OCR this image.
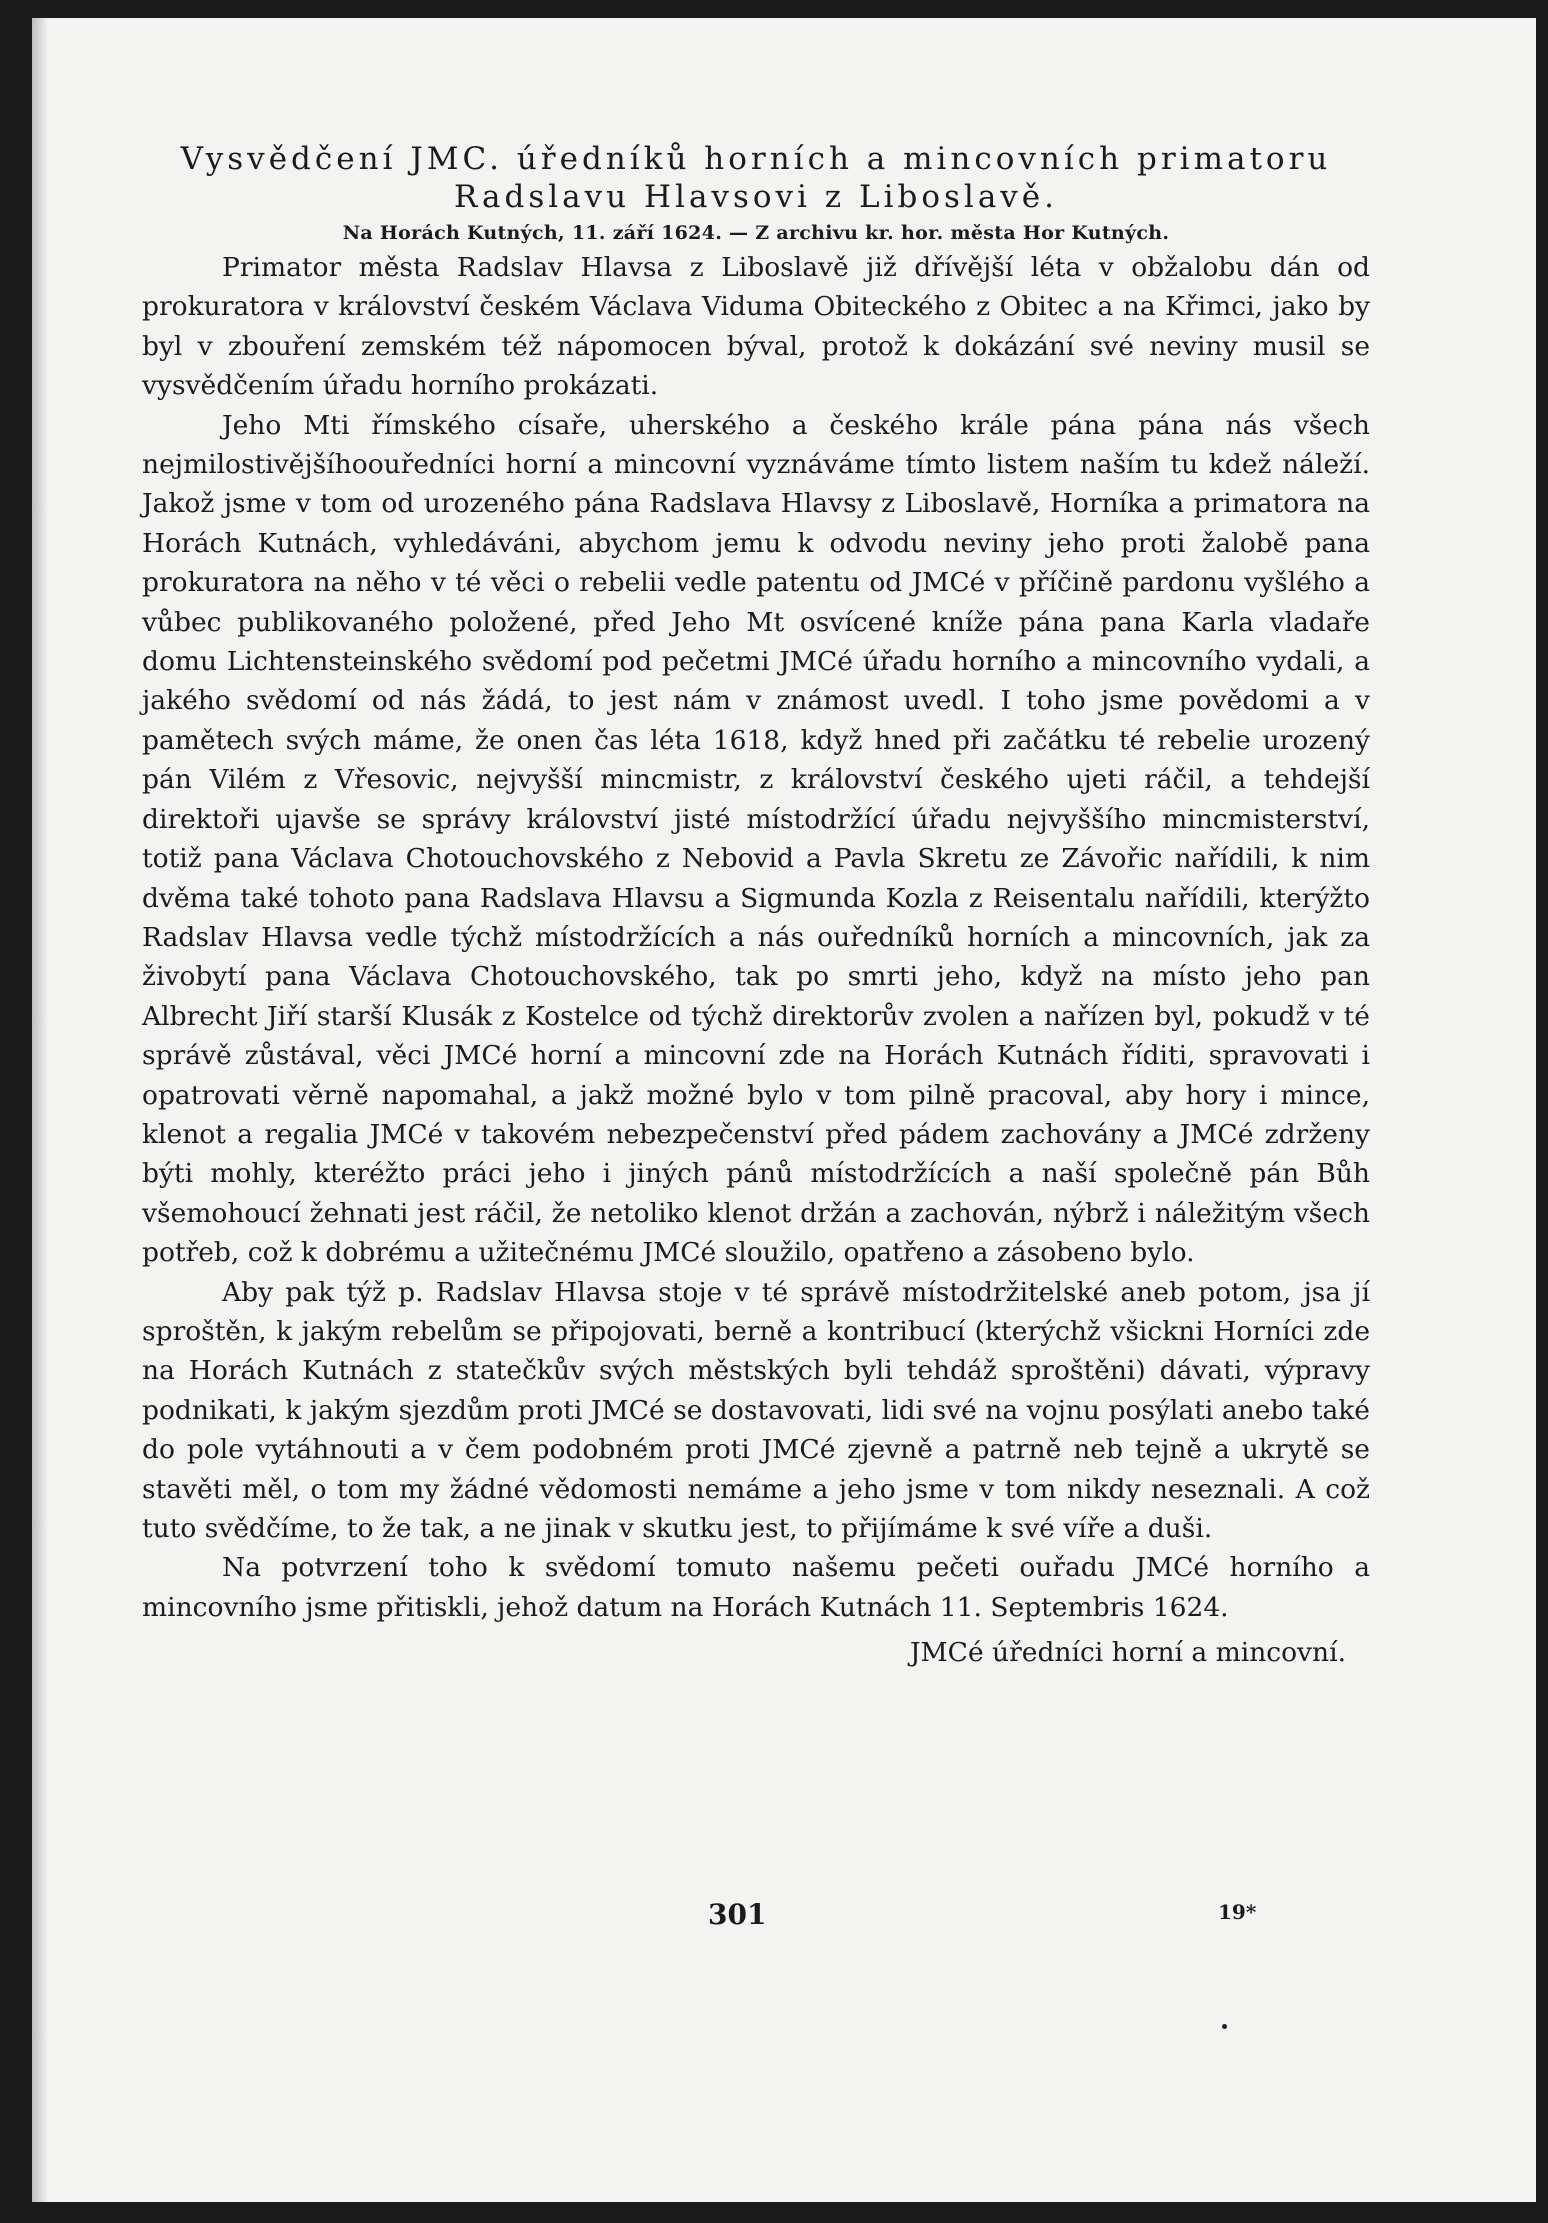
Vysvědčení JMC. úředníků horních a mincovních primatoru Radslavu Hlavsovi z Liboslavě.

Na Horách Kutných, 11. září 1624. — Z archivu kr. hor. města Hor Kutných.

Primator města Radslav Hlavsa z Liboslavě již dřívější léta v obžalobu dán od prokuratora v království českém Václava Viduma Obiteckého z Obitec a na Křimci, jako by byl v zbouření zemském též nápomocen býval, protož k dokázání své neviny musil se vysvědčením úřadu horního prokázati.

Jeho Mti římského císaře, uherského a českého krále pána pána nás všech nejmilostivějšíhoouředníci horní a mincovní vyznáváme tímto listem naším tu kdež náleží. Jakož jsme v tom od urozeného pána Radslava Hlavsy z Liboslavě, Horníka a primatora na Horách Kutnách, vyhledáváni, abychom jemu k odvodu neviny jeho proti žalobě pana prokuratora na něho v té věci o rebelii vedle patentu od JMCé v příčině pardonu vyšlého a vůbec publikovaného položené, před Jeho Mt osvícené kníže pána pana Karla vladaře domu Lichtensteinského svědomí pod pečetmi JMCé úřadu horního a mincovního vydali, a jakého svědomí od nás žádá, to jest nám v známost uvedl. I toho jsme povědomi a v pamětech svých máme, že onen čas léta 1618, když hned při začátku té rebelie urozený pán Vilém z Vřesovic, nejvyšší mincmistr, z království českého ujeti ráčil, a tehdejší direktoři ujavše se správy království jisté místodržící úřadu nejvyššího mincmisterství, totiž pana Václava Chotouchovského z Nebovid a Pavla Skretu ze Závořic nařídili, k nim dvěma také tohoto pana Radslava Hlavsu a Sigmunda Kozla z Reisentalu nařídili, kterýžto Radslav Hlavsa vedle týchž místodržících a nás ouředníků horních a mincovních, jak za živobytí pana Václava Chotouchovského, tak po smrti jeho, když na místo jeho pan Albrecht Jiří starší Klusák z Kostelce od týchž direktorův zvolen a nařízen byl, pokudž v té správě zůstával, věci JMCé horní a mincovní zde na Horách Kutnách říditi, spravovati i opatrovati věrně napomahal, a jakž možné bylo v tom pilně pracoval, aby hory i mince, klenot a regalia JMCé v takovém nebezpečenství před pádem zachovány a JMCé zdrženy býti mohly, kteréžto práci jeho i jiných pánů místodržících a naší společně pán Bůh všemohoucí žehnati jest ráčil, že netoliko klenot držán a zachován, nýbrž i náležitým všech potřeb, což k dobrému a užitečnému JMCé sloužilo, opatřeno a zásobeno bylo.

Aby pak týž p. Radslav Hlavsa stoje v té správě místodržitelské aneb potom, jsa jí sproštěn, k jakým rebelům se připojovati, berně a kontribucí (kterýchž všickni Horníci zde na Horách Kutnách z statečkův svých městských byli tehdáž sproštěni) dávati, výpravy podnikati, k jakým sjezdům proti JMCé se dostavovati, lidi své na vojnu posýlati anebo také do pole vytáhnouti a v čem podobném proti JMCé zjevně a patrně neb tejně a ukrytě se stavěti měl, o tom my žádné vědomosti nemáme a jeho jsme v tom nikdy neseznali. A což tuto svědčíme, to že tak, a ne jinak v skutku jest, to přijímáme k své víře a duši.

Na potvrzení toho k svědomí tomuto našemu pečeti ouřadu JMCé horního a mincovního jsme přitiskli, jehož datum na Horách Kutnách 11. Septembris 1624.

JMCé úředníci horní a mincovní.

301	19*
